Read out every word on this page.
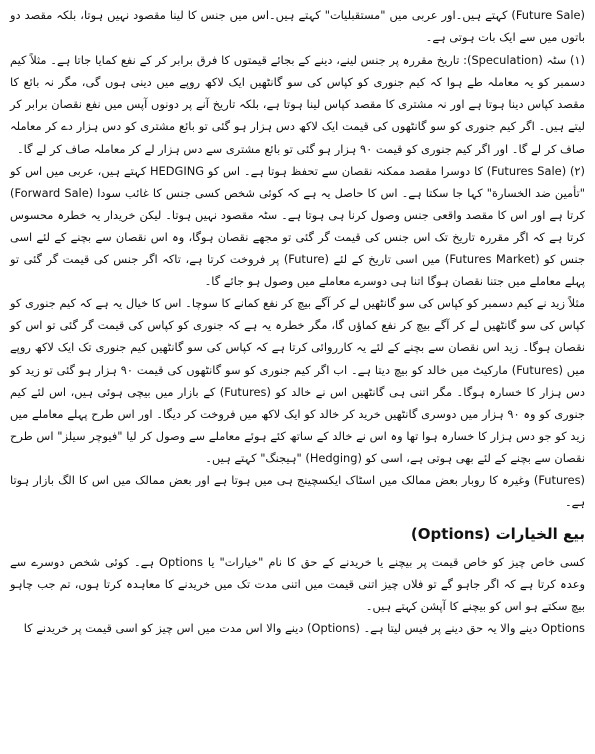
(Future Sale) کہتے ہیں۔اور عربی میں "مستقبلیات" کہتے ہیں۔اس میں جنس کا لینا مقصود نہیں ہوتا، بلکہ مقصد دو باتوں میں سے ایک بات ہوتی ہے۔

(۱) سٹہ (Speculation): تاریخ مقررہ پر جنس لینے، دینے کے بجائے قیمتوں کا فرق برابر کر کے نفع کمایا جاتا ہے۔ مثلاً کیم دسمبر کو یہ معاملہ طے ہوا کہ کیم جنوری کو کپاس کی سو گانٹھیں ایک لاکھ روپے میں دینی ہوں گی، مگر نہ بائع کا مقصد کپاس دینا ہوتا ہے اور نہ مشتری کا مقصد کپاس لینا ہوتا ہے، بلکہ تاریخ آنے پر دونوں آپس میں نفع نقصان برابر کر لیتے ہیں۔ اگر کیم جنوری کو سو گانٹھوں کی قیمت ایک لاکھ دس ہزار ہو گئی تو بائع مشتری کو دس ہزار دے کر معاملہ صاف کر لے گا۔ اور اگر کیم جنوری کو قیمت ۹۰ ہزار ہو گئی تو بائع مشتری سے دس ہزار لے کر معاملہ صاف کر لے گا۔

(۲) (Futures Sale) کا دوسرا مقصد ممکنہ نقصان سے تحفظ ہوتا ہے۔ اس کو HEDGING کہتے ہیں، عربی میں اس کو "تأمین ضد الخسارة" کہا جا سکتا ہے۔ اس کا حاصل یہ ہے کہ کوئی شخص کسی جنس کا غائب سودا (Forward Sale) کرتا ہے اور اس کا مقصد واقعی جنس وصول کرنا ہی ہوتا ہے۔ سٹہ مقصود نہیں ہوتا۔ لیکن خریدار یہ خطرہ محسوس کرتا ہے کہ اگر مقررہ تاریخ تک اس جنس کی قیمت گر گئی تو مجھے نقصان ہوگا، وہ اس نقصان سے بچنے کے لئے اسی جنس کو (Futures Market) میں اسی تاریخ کے لئے (Future) پر فروخت کرتا ہے، تاکہ اگر جنس کی قیمت گر گئی تو پہلے معاملے میں جتنا نقصان ہوگا اتنا ہی دوسرے معاملے میں وصول ہو جائے گا۔

مثلاً زید نے کیم دسمبر کو کپاس کی سو گانٹھیں لے کر آگے بیچ کر نفع کمانے کا سوچا۔ اس کا خیال یہ ہے کہ کیم جنوری کو کپاس کی سو گانٹھیں لے کر آگے بیچ کر نفع کماؤں گا، مگر خطرہ یہ ہے کہ جنوری کو کپاس کی قیمت گر گئی تو اس کو نقصان ہوگا۔ زید اس نقصان سے بچنے کے لئے یہ کارروائی کرتا ہے کہ کپاس کی سو گانٹھیں کیم جنوری تک ایک لاکھ روپے میں (Futures) مارکیٹ میں خالد کو بیچ دیتا ہے۔ اب اگر کیم جنوری کو سو گانٹھوں کی قیمت ۹۰ ہزار ہو گئی تو زید کو دس ہزار کا خسارہ ہوگا۔ مگر اتنی ہی گانٹھیں اس نے خالد کو (Futures) کے بازار میں بیچی ہوئی ہیں، اس لئے کیم جنوری کو وہ ۹۰ ہزار میں دوسری گانٹھیں خرید کر خالد کو ایک لاکھ میں فروخت کر دیگا۔ اور اس طرح پہلے معاملے میں زید کو جو دس ہزار کا خسارہ ہوا تھا وہ اس نے خالد کے ساتھ کئے ہوئے معاملے سے وصول کر لیا "فیوچر سیلز" اس طرح نقصان سے بچنے کے لئے بھی ہوتی ہے، اسی کو (Hedging) "ہیجنگ" کہتے ہیں۔

(Futures) وغیرہ کا روبار بعض ممالک میں اسٹاک ایکسچینج ہی میں ہوتا ہے اور بعض ممالک میں اس کا الگ بازار ہوتا ہے۔

بیع الخیارات (Options)

کسی خاص چیز کو خاص قیمت پر بیچنے یا خریدنے کے حق کا نام "خیارات" یا Options ہے۔ کوئی شخص دوسرے سے وعدہ کرتا ہے کہ اگر جاہو گے تو فلاں چیز اتنی قیمت میں اتنی مدت تک میں خریدنے کا معاہدہ کرتا ہوں، تم جب چاہو بیچ سکتے ہو اس کو بیچنے کا آپشن کہتے ہیں۔

Options دینے والا یہ حق دینے پر فیس لیتا ہے۔ (Options) دینے والا اس مدت میں اس چیز کو اسی قیمت پر خریدنے کا
